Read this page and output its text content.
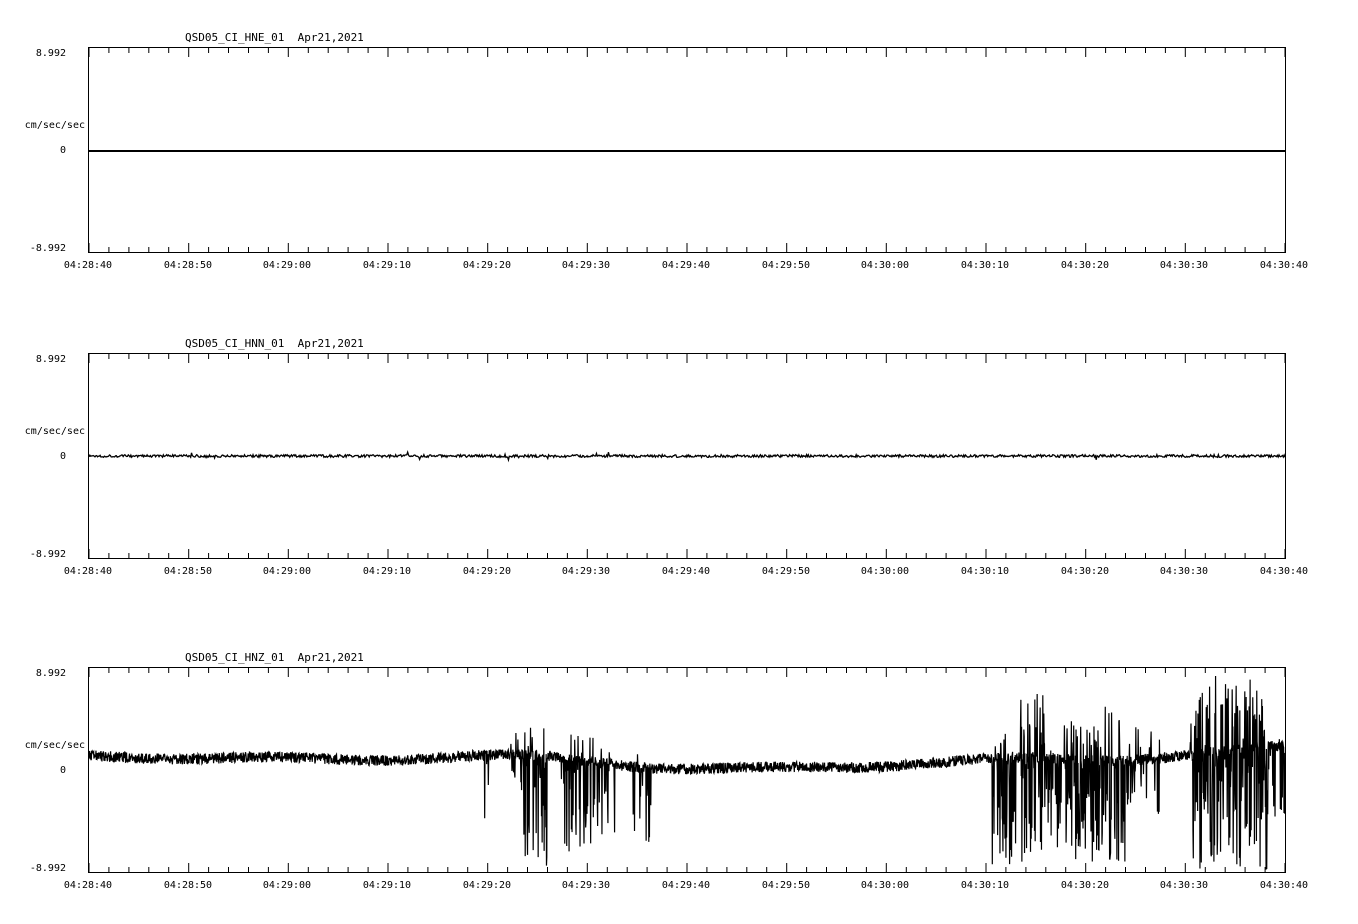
QSD05_CI_HNE_01  Apr21,2021
cm/sec/sec
8.992
0
-8.992
04:28:40	04:28:50	04:29:00	04:29:10	04:29:20	04:29:30	04:29:40	04:29:50	04:30:00	04:30:10	04:30:20	04:30:30	04:30:40
QSD05_CI_HNN_01  Apr21,2021
cm/sec/sec
8.992
0
-8.992
04:28:40	04:28:50	04:29:00	04:29:10	04:29:20	04:29:30	04:29:40	04:29:50	04:30:00	04:30:10	04:30:20	04:30:30	04:30:40
QSD05_CI_HNZ_01  Apr21,2021
cm/sec/sec
8.992
0
-8.992
04:28:40	04:28:50	04:29:00	04:29:10	04:29:20	04:29:30	04:29:40	04:29:50	04:30:00	04:30:10	04:30:20	04:30:30	04:30:40
